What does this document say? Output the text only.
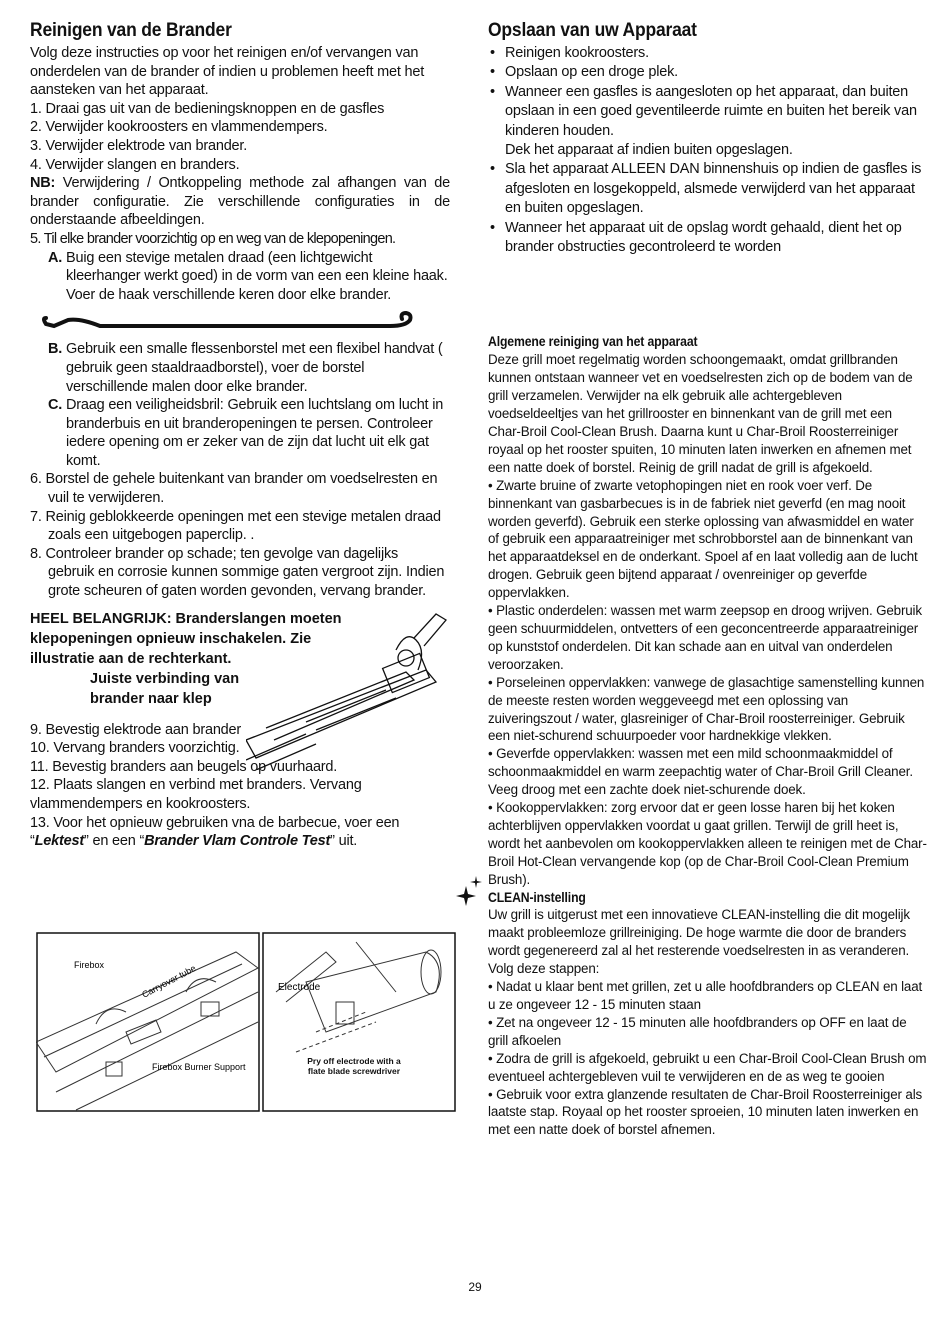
Reinigen van de Brander

Volg deze instructies op voor het reinigen en/of vervangen van onderdelen van de brander of indien u problemen heeft met het aansteken van het apparaat.

1. Draai gas uit van de bedieningsknoppen en de gasfles

2. Verwijder kookroosters en vlammendempers.

3. Verwijder elektrode van brander.

4. Verwijder slangen en branders.

NB: Verwijdering / Ontkoppeling methode zal afhangen van de brander configuratie. Zie verschillende configuraties in de onderstaande afbeeldingen.

5. Til elke brander voorzichtig op en weg van de klepopeningen.

A. Buig een stevige metalen draad (een lichtgewicht kleerhanger werkt goed) in de vorm van een een kleine haak. Voer de haak verschillende keren door elke brander.
B. Gebruik een smalle flessenborstel met een flexibel handvat ( gebruik geen staaldraadborstel), voer de borstel verschillende malen door elke brander.
C. Draag een veiligheidsbril: Gebruik een luchtslang om lucht in branderbuis en uit branderopeningen te persen. Controleer iedere opening om er zeker van de zijn dat lucht uit elk gat komt.

6. Borstel de gehele buitenkant van brander om voedselresten en vuil te verwijderen.

7. Reinig geblokkeerde openingen met een stevige metalen draad zoals een uitgebogen paperclip. .

8. Controleer brander op schade; ten gevolge van dagelijks gebruik en corrosie kunnen sommige gaten vergroot zijn. Indien grote scheuren of gaten worden gevonden, vervang brander.

HEEL BELANGRIJK: Branderslangen moeten klepopeningen opnieuw inschakelen. Zie illustratie aan de rechterkant.
Juiste verbinding van brander naar klep

9. Bevestig elektrode aan brander

10. Vervang branders voorzichtig.

11. Bevestig branders aan beugels op vuurhaard.

12. Plaats slangen en verbind met branders. Vervang vlammendempers en kookroosters.

13. Voor het opnieuw gebruiken vna de barbecue, voer een “Lektest” en een “Brander Vlam Controle Test” uit.

Firebox	Carryover tube
Firebox Burner Support
Electrode
Pry off electrode with a flate blade screwdriver
Opslaan van uw Apparaat
• Reinigen kookroosters.
• Opslaan op een droge plek.
• Wanneer een gasfles is aangesloten op het apparaat, dan buiten opslaan in een goed geventileerde ruimte en buiten het bereik van kinderen houden.
Dek het apparaat af indien buiten opgeslagen.
• Sla het apparaat ALLEEN DAN binnenshuis op indien de gasfles is afgesloten en losgekoppeld, alsmede verwijderd van het apparaat en buiten opgeslagen.
• Wanneer het apparaat uit de opslag wordt gehaald, dient het op brander obstructies gecontroleerd te worden
Algemene reiniging van het apparaat

Deze grill moet regelmatig worden schoongemaakt, omdat grillbranden kunnen ontstaan wanneer vet en voedselresten zich op de bodem van de grill verzamelen. Verwijder na elk gebruik alle achtergebleven voedseldeeltjes van het grillrooster en binnenkant van de grill met een Char-Broil Cool-Clean Brush. Daarna kunt u Char-Broil Roosterreiniger royaal op het rooster spuiten, 10 minuten laten inwerken en afnemen met een natte doek of borstel. Reinig de grill nadat de grill is afgekoeld.

• Zwarte bruine of zwarte vetophopingen niet en rook voer verf. De binnenkant van gasbarbecues is in de fabriek niet geverfd (en mag nooit worden geverfd). Gebruik een sterke oplossing van afwasmiddel en water of gebruik een apparaatreiniger met schrobborstel aan de binnenkant van het apparaatdeksel en de onderkant. Spoel af en laat volledig aan de lucht drogen. Gebruik geen bijtend apparaat / ovenreiniger op geverfde oppervlakken.

• Plastic onderdelen: wassen met warm zeepsop en droog wrijven. Gebruik geen schuurmiddelen, ontvetters of een geconcentreerde apparaatreiniger op kunststof onderdelen. Dit kan schade aan en uitval van onderdelen veroorzaken.

• Porseleinen oppervlakken: vanwege de glasachtige samenstelling kunnen de meeste resten worden weggeveegd met een oplossing van zuiveringszout / water, glasreiniger of Char-Broil roosterreiniger. Gebruik een niet-schurend schuurpoeder voor hardnekkige vlekken.

• Geverfde oppervlakken: wassen met een mild schoonmaakmiddel of schoonmaakmiddel en warm zeepachtig water of Char-Broil Grill Cleaner. Veeg droog met een zachte doek niet-schurende doek.

• Kookoppervlakken: zorg ervoor dat er geen losse haren bij het koken achterblijven oppervlakken voordat u gaat grillen. Terwijl de grill heet is, wordt het aanbevolen om kookoppervlakken alleen te reinigen met de Char-Broil Hot-Clean vervangende kop (op de Char-Broil Cool-Clean Premium Brush).

CLEAN-instelling

Uw grill is uitgerust met een innovatieve CLEAN-instelling die dit mogelijk maakt probleemloze grillreiniging. De hoge warmte die door de branders wordt gegenereerd zal al het resterende voedselresten in as veranderen. Volg deze stappen:

• Nadat u klaar bent met grillen, zet u alle hoofdbranders op CLEAN en laat u ze ongeveer 12 - 15 minuten staan

• Zet na ongeveer 12 - 15 minuten alle hoofdbranders op OFF en laat de grill afkoelen

• Zodra de grill is afgekoeld, gebruikt u een Char-Broil Cool-Clean Brush om eventueel achtergebleven vuil te verwijderen en de as weg te gooien

• Gebruik voor extra glanzende resultaten de Char-Broil Roosterreiniger als laatste stap. Royaal op het rooster sproeien, 10 minuten laten inwerken en met een natte doek of borstel afnemen.

29
